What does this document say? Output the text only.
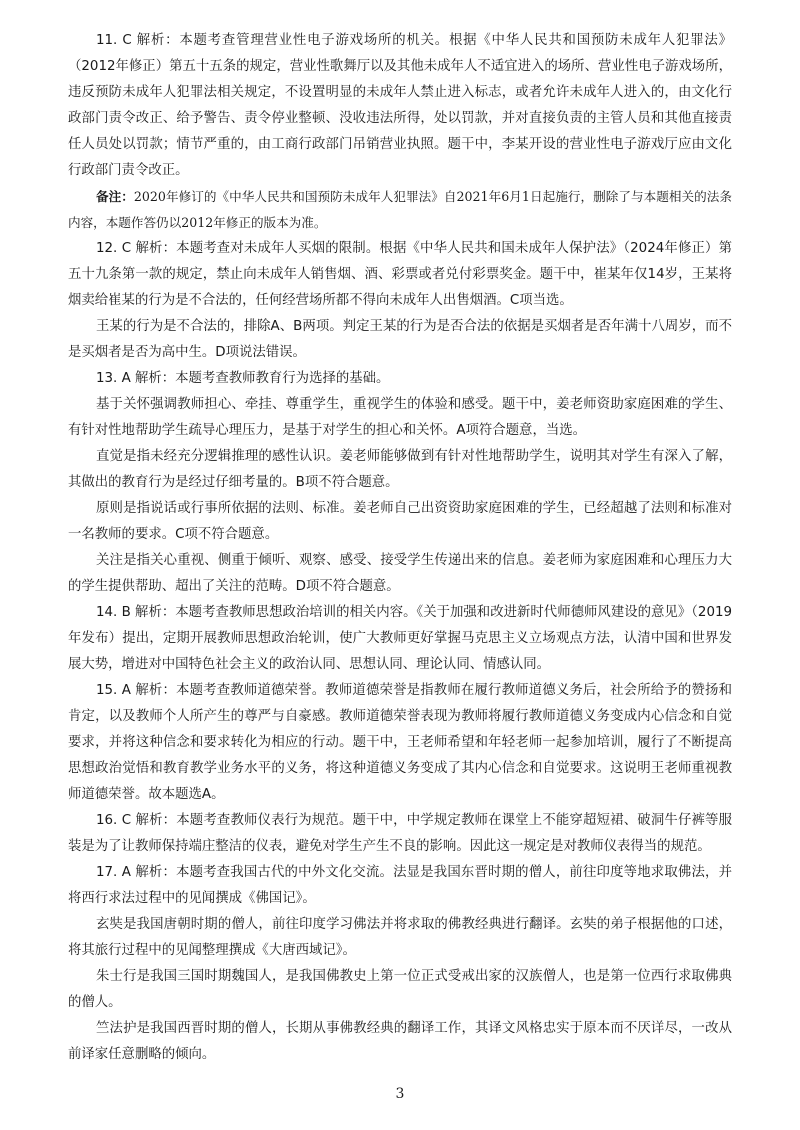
11. C 解析：本题考查管理营业性电子游戏场所的机关。根据《中华人民共和国预防未成年人犯罪法》（2012年修正）第五十五条的规定，营业性歌舞厅以及其他未成年人不适宜进入的场所、营业性电子游戏场所，违反预防未成年人犯罪法相关规定，不设置明显的未成年人禁止进入标志，或者允许未成年人进入的，由文化行政部门责令改正、给予警告、责令停业整顿、没收违法所得，处以罚款，并对直接负责的主管人员和其他直接责任人员处以罚款；情节严重的，由工商行政部门吊销营业执照。题干中，李某开设的营业性电子游戏厅应由文化行政部门责令改正。

备注：2020年修订的《中华人民共和国预防未成年人犯罪法》自2021年6月1日起施行，删除了与本题相关的法条内容，本题作答仍以2012年修正的版本为准。

12. C 解析：本题考查对未成年人买烟的限制。根据《中华人民共和国未成年人保护法》（2024年修正）第五十九条第一款的规定，禁止向未成年人销售烟、酒、彩票或者兑付彩票奖金。题干中，崔某年仅14岁，王某将烟卖给崔某的行为是不合法的，任何经营场所都不得向未成年人出售烟酒。C项当选。

王某的行为是不合法的，排除A、B两项。判定王某的行为是否合法的依据是买烟者是否年满十八周岁，而不是买烟者是否为高中生。D项说法错误。

13. A 解析：本题考查教师教育行为选择的基础。

基于关怀强调教师担心、牵挂、尊重学生，重视学生的体验和感受。题干中，姜老师资助家庭困难的学生、有针对性地帮助学生疏导心理压力，是基于对学生的担心和关怀。A项符合题意，当选。

直觉是指未经充分逻辑推理的感性认识。姜老师能够做到有针对性地帮助学生，说明其对学生有深入了解，其做出的教育行为是经过仔细考量的。B项不符合题意。

原则是指说话或行事所依据的法则、标准。姜老师自己出资资助家庭困难的学生，已经超越了法则和标准对一名教师的要求。C项不符合题意。

关注是指关心重视、侧重于倾听、观察、感受、接受学生传递出来的信息。姜老师为家庭困难和心理压力大的学生提供帮助、超出了关注的范畴。D项不符合题意。

14. B 解析：本题考查教师思想政治培训的相关内容。《关于加强和改进新时代师德师风建设的意见》（2019年发布）提出，定期开展教师思想政治轮训，使广大教师更好掌握马克思主义立场观点方法，认清中国和世界发展大势，增进对中国特色社会主义的政治认同、思想认同、理论认同、情感认同。

15. A 解析：本题考查教师道德荣誉。教师道德荣誉是指教师在履行教师道德义务后，社会所给予的赞扬和肯定，以及教师个人所产生的尊严与自豪感。教师道德荣誉表现为教师将履行教师道德义务变成内心信念和自觉要求，并将这种信念和要求转化为相应的行动。题干中，王老师希望和年轻老师一起参加培训，履行了不断提高思想政治觉悟和教育教学业务水平的义务，将这种道德义务变成了其内心信念和自觉要求。这说明王老师重视教师道德荣誉。故本题选A。

16. C 解析：本题考查教师仪表行为规范。题干中，中学规定教师在课堂上不能穿超短裙、破洞牛仔裤等服装是为了让教师保持端庄整洁的仪表，避免对学生产生不良的影响。因此这一规定是对教师仪表得当的规范。

17. A 解析：本题考查我国古代的中外文化交流。法显是我国东晋时期的僧人，前往印度等地求取佛法，并将西行求法过程中的见闻撰成《佛国记》。

玄奘是我国唐朝时期的僧人，前往印度学习佛法并将求取的佛教经典进行翻译。玄奘的弟子根据他的口述，将其旅行过程中的见闻整理撰成《大唐西域记》。

朱士行是我国三国时期魏国人，是我国佛教史上第一位正式受戒出家的汉族僧人，也是第一位西行求取佛典的僧人。

竺法护是我国西晋时期的僧人，长期从事佛教经典的翻译工作，其译文风格忠实于原本而不厌详尽，一改从前译家任意删略的倾向。

3
